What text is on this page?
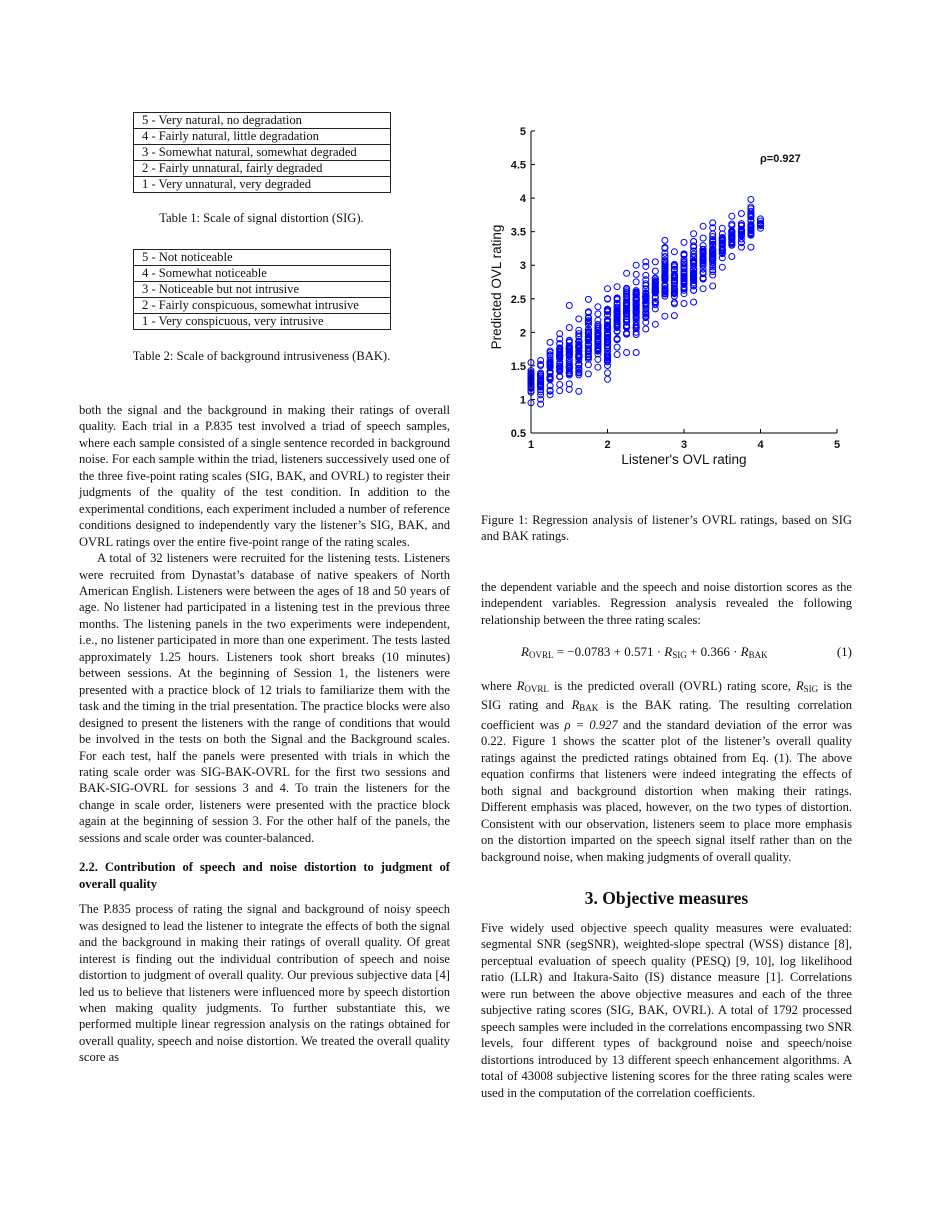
5 - Very natural, no degradation
4 - Fairly natural, little degradation
3 - Somewhat natural, somewhat degraded
2 - Fairly unnatural, fairly degraded
1 - Very unnatural, very degraded
Table 1: Scale of signal distortion (SIG).
5 - Not noticeable
4 - Somewhat noticeable
3 - Noticeable but not intrusive
2 - Fairly conspicuous, somewhat intrusive
1 - Very conspicuous, very intrusive
Table 2: Scale of background intrusiveness (BAK).

both the signal and the background in making their ratings of overall quality. Each trial in a P.835 test involved a triad of speech samples, where each sample consisted of a single sentence recorded in background noise. For each sample within the triad, listeners successively used one of the three five-point rating scales (SIG, BAK, and OVRL) to register their judgments of the quality of the test condition. In addition to the experimental conditions, each experiment included a number of reference conditions designed to independently vary the listener’s SIG, BAK, and OVRL ratings over the entire five-point range of the rating scales.

A total of 32 listeners were recruited for the listening tests. Listeners were recruited from Dynastat’s database of native speakers of North American English. Listeners were between the ages of 18 and 50 years of age. No listener had participated in a listening test in the previous three months. The listening panels in the two experiments were independent, i.e., no listener participated in more than one experiment. The tests lasted approximately 1.25 hours. Listeners took short breaks (10 minutes) between sessions. At the beginning of Session 1, the listeners were presented with a practice block of 12 trials to familiarize them with the task and the timing in the trial presentation. The practice blocks were also designed to present the listeners with the range of conditions that would be involved in the tests on both the Signal and the Background scales. For each test, half the panels were presented with trials in which the rating scale order was SIG-BAK-OVRL for the first two sessions and BAK-SIG-OVRL for sessions 3 and 4. To train the listeners for the change in scale order, listeners were presented with the practice block again at the beginning of session 3. For the other half of the panels, the sessions and scale order was counter-balanced.

2.2. Contribution of speech and noise distortion to judgment of overall quality

The P.835 process of rating the signal and background of noisy speech was designed to lead the listener to integrate the effects of both the signal and the background in making their ratings of overall quality. Of great interest is finding out the individual contribution of speech and noise distortion to judgment of overall quality. Our previous subjective data [4] led us to believe that listeners were influenced more by speech distortion when making quality judgments. To further substantiate this, we performed multiple linear regression analysis on the ratings obtained for overall quality, speech and noise distortion. We treated the overall quality score as

1	2	3	4	5
0.5
1
1.5
2
2.5
3
3.5
4
4.5
5
Listener's OVL rating
Predicted OVL rating
ρ=0.927
Figure 1: Regression analysis of listener’s OVRL ratings, based on SIG and BAK ratings.

the dependent variable and the speech and noise distortion scores as the independent variables. Regression analysis revealed the following relationship between the three rating scales:

$R_{OVRL} = -0.0783 + 0.571 \cdot R_{SIG} + 0.366 \cdot R_{BAK}$	(1)

where $R_{OVRL}$ is the predicted overall (OVRL) rating score, $R_{SIG}$ is the SIG rating and $R_{BAK}$ is the BAK rating. The resulting correlation coefficient was ρ = 0.927 and the standard deviation of the error was 0.22. Figure 1 shows the scatter plot of the listener’s overall quality ratings against the predicted ratings obtained from Eq. (1). The above equation confirms that listeners were indeed integrating the effects of both signal and background distortion when making their ratings. Different emphasis was placed, however, on the two types of distortion. Consistent with our observation, listeners seem to place more emphasis on the distortion imparted on the speech signal itself rather than on the background noise, when making judgments of overall quality.

3. Objective measures

Five widely used objective speech quality measures were evaluated: segmental SNR (segSNR), weighted-slope spectral (WSS) distance [8], perceptual evaluation of speech quality (PESQ) [9, 10], log likelihood ratio (LLR) and Itakura-Saito (IS) distance measure [1]. Correlations were run between the above objective measures and each of the three subjective rating scores (SIG, BAK, OVRL). A total of 1792 processed speech samples were included in the correlations encompassing two SNR levels, four different types of background noise and speech/noise distortions introduced by 13 different speech enhancement algorithms. A total of 43008 subjective listening scores for the three rating scales were used in the computation of the correlation coefficients.
